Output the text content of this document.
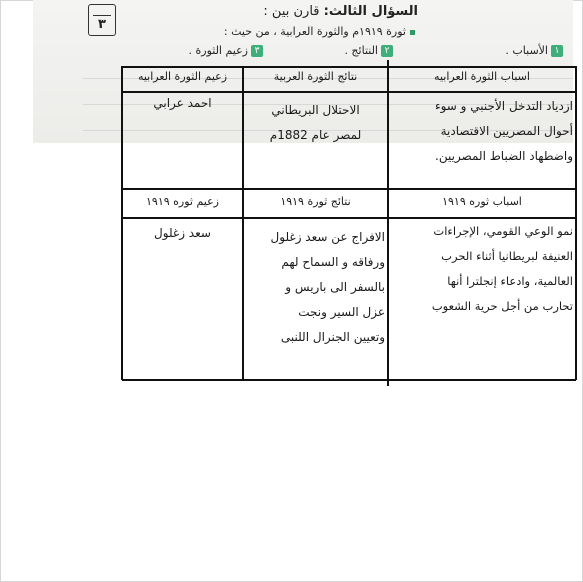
٣
السؤال الثالث: قارن بين :
ثورة ١٩١٩م والثورة العرابية ، من حيث :
١الأسباب .
٢النتائج .
٣زعيم الثورة .
اسباب الثورة العرابيه
نتائج الثورة العربية
زعيم الثورة العرابيه
ازدياد التدخل الأجنبي و سوء
أحوال المصريين الاقتصادية
واضطهاد الضباط المصريين.
الاحتلال البريطاني
لمصر عام 1882م
احمد عرابي
اسباب ثوره ١٩١٩
نتائج ثورة ١٩١٩
زعيم ثوره ١٩١٩
نمو الوعي القومي، الإجراءات
العنيفة لبريطانيا أثناء الحرب
العالمية، وادعاء إنجلترا أنها
تحارب من أجل حرية الشعوب
الافراج عن سعد زغلول
ورفاقه و السماح لهم
بالسفر الى باريس و
عزل السير ونجت
وتعيين الجنرال اللنبى
سعد زغلول
